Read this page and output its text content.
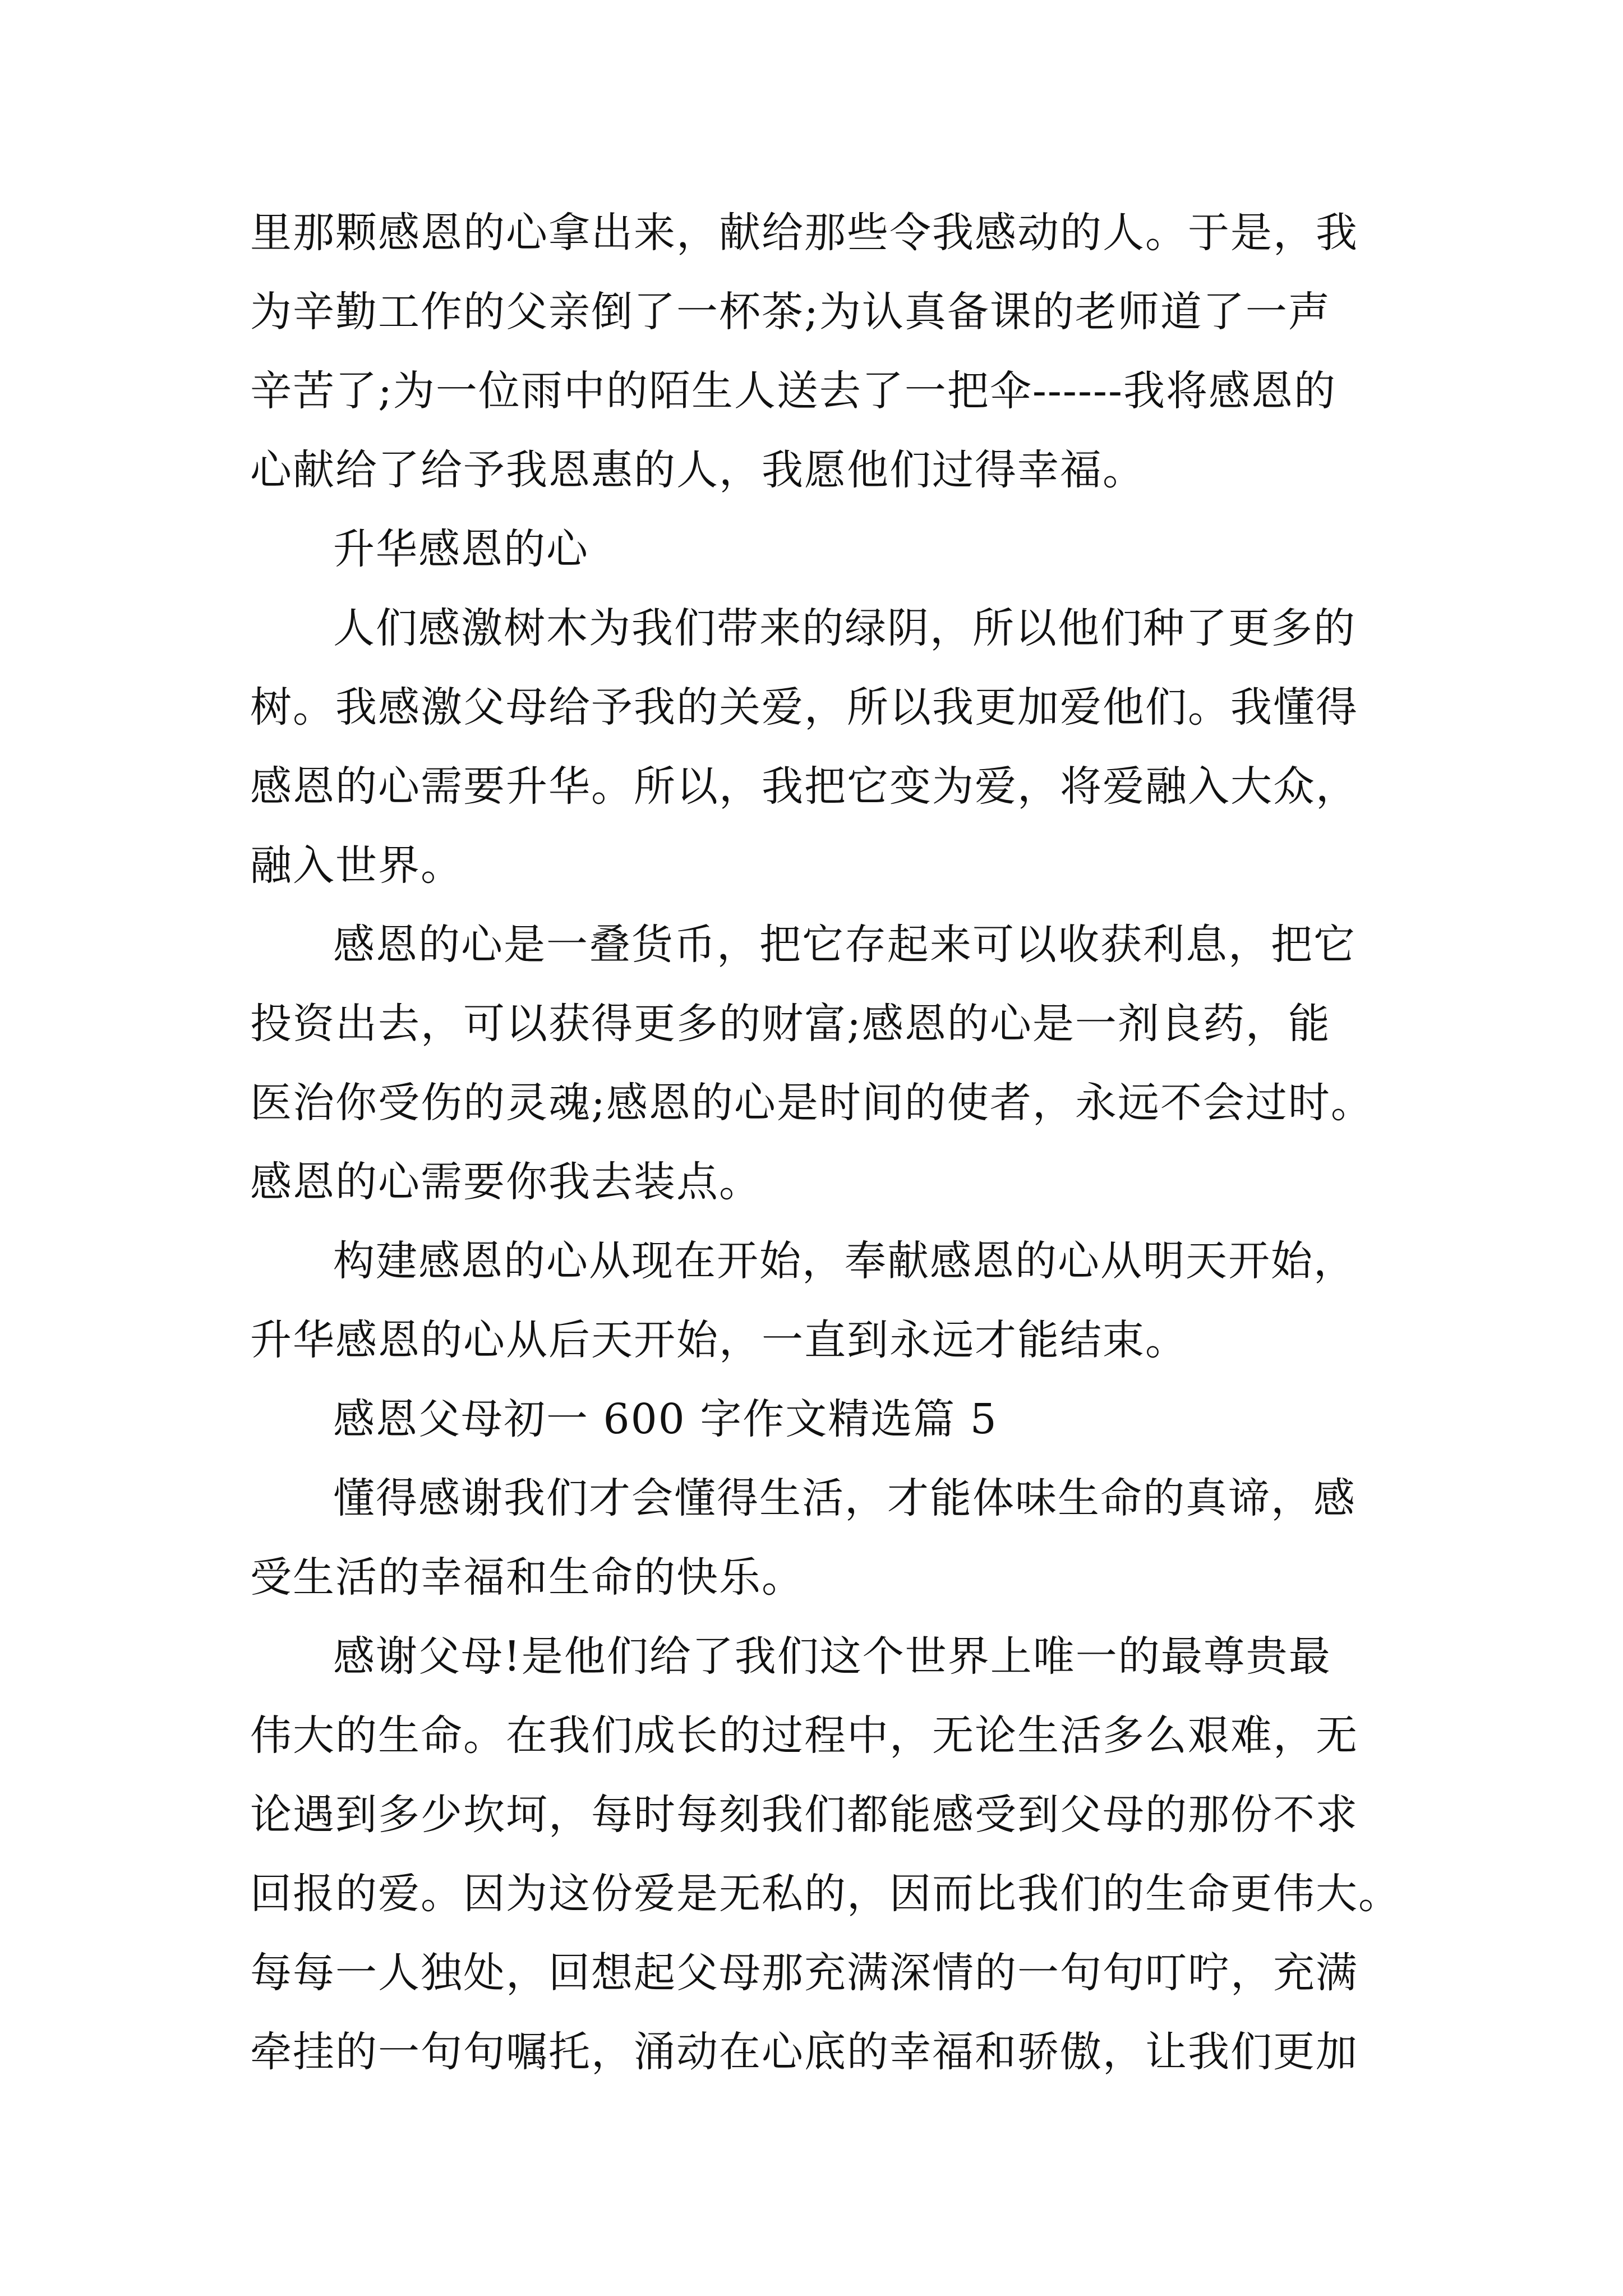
里那颗感恩的心拿出来，献给那些令我感动的人。于是，我
为辛勤工作的父亲倒了一杯茶;为认真备课的老师道了一声
辛苦了;为一位雨中的陌生人送去了一把伞------我将感恩的
心献给了给予我恩惠的人，我愿他们过得幸福。
升华感恩的心
人们感激树木为我们带来的绿阴，所以他们种了更多的
树。我感激父母给予我的关爱，所以我更加爱他们。我懂得
感恩的心需要升华。所以，我把它变为爱，将爱融入大众，
融入世界。
感恩的心是一叠货币，把它存起来可以收获利息，把它
投资出去，可以获得更多的财富;感恩的心是一剂良药，能
医治你受伤的灵魂;感恩的心是时间的使者，永远不会过时。
感恩的心需要你我去装点。
构建感恩的心从现在开始，奉献感恩的心从明天开始，
升华感恩的心从后天开始，一直到永远才能结束。
感恩父母初一 600 字作文精选篇 5
懂得感谢我们才会懂得生活，才能体味生命的真谛，感
受生活的幸福和生命的快乐。
感谢父母!是他们给了我们这个世界上唯一的最尊贵最
伟大的生命。在我们成长的过程中，无论生活多么艰难，无
论遇到多少坎坷，每时每刻我们都能感受到父母的那份不求
回报的爱。因为这份爱是无私的，因而比我们的生命更伟大。
每每一人独处，回想起父母那充满深情的一句句叮咛，充满
牵挂的一句句嘱托，涌动在心底的幸福和骄傲，让我们更加
